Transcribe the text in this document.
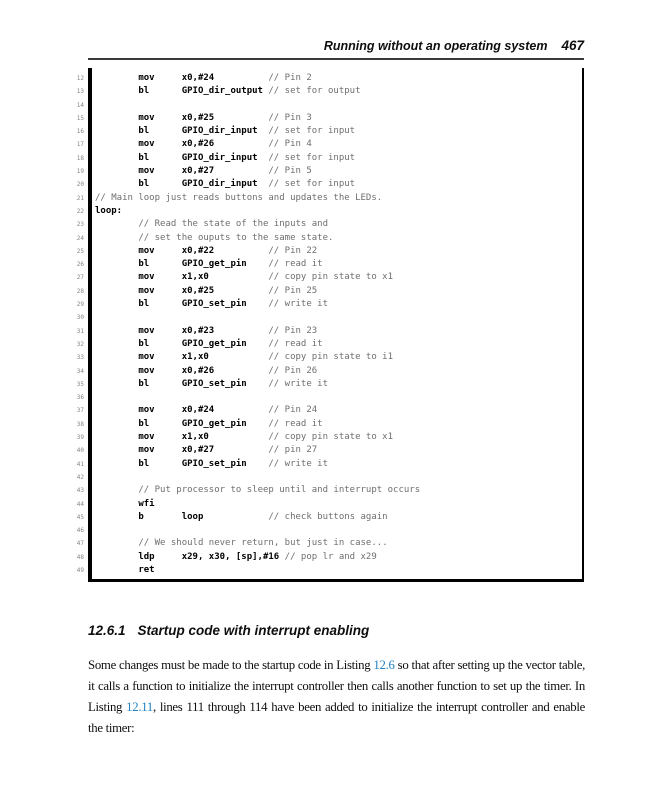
Running without an operating system 467
12
13
14
15
16
17
18
19
20
21
22
23
24
25
26
27
28
29
30
31
32
33
34
35
36
37
38
39
40
41
42
43
44
45
46
47
48
49
mov     x0,#24          // Pin 2
bl      GPIO_dir_output // set for output

mov     x0,#25          // Pin 3
bl      GPIO_dir_input  // set for input
mov     x0,#26          // Pin 4
bl      GPIO_dir_input  // set for input
mov     x0,#27          // Pin 5
bl      GPIO_dir_input  // set for input
// Main loop just reads buttons and updates the LEDs.
loop:
// Read the state of the inputs and
// set the ouputs to the same state.
mov     x0,#22          // Pin 22
bl      GPIO_get_pin    // read it
mov     x1,x0           // copy pin state to x1
mov     x0,#25          // Pin 25
bl      GPIO_set_pin    // write it

mov     x0,#23          // Pin 23
bl      GPIO_get_pin    // read it
mov     x1,x0           // copy pin state to i1
mov     x0,#26          // Pin 26
bl      GPIO_set_pin    // write it

mov     x0,#24          // Pin 24
bl      GPIO_get_pin    // read it
mov     x1,x0           // copy pin state to x1
mov     x0,#27          // pin 27
bl      GPIO_set_pin    // write it

// Put processor to sleep until and interrupt occurs
wfi
b       loop            // check buttons again

// We should never return, but just in case...
ldp     x29, x30, [sp],#16 // pop lr and x29
ret
12.6.1 Startup code with interrupt enabling

Some changes must be made to the startup code in Listing 12.6 so that after setting up the vector table, it calls a function to initialize the interrupt controller then calls another function to set up the timer. In Listing 12.11, lines 111 through 114 have been added to initialize the interrupt controller and enable the timer:
